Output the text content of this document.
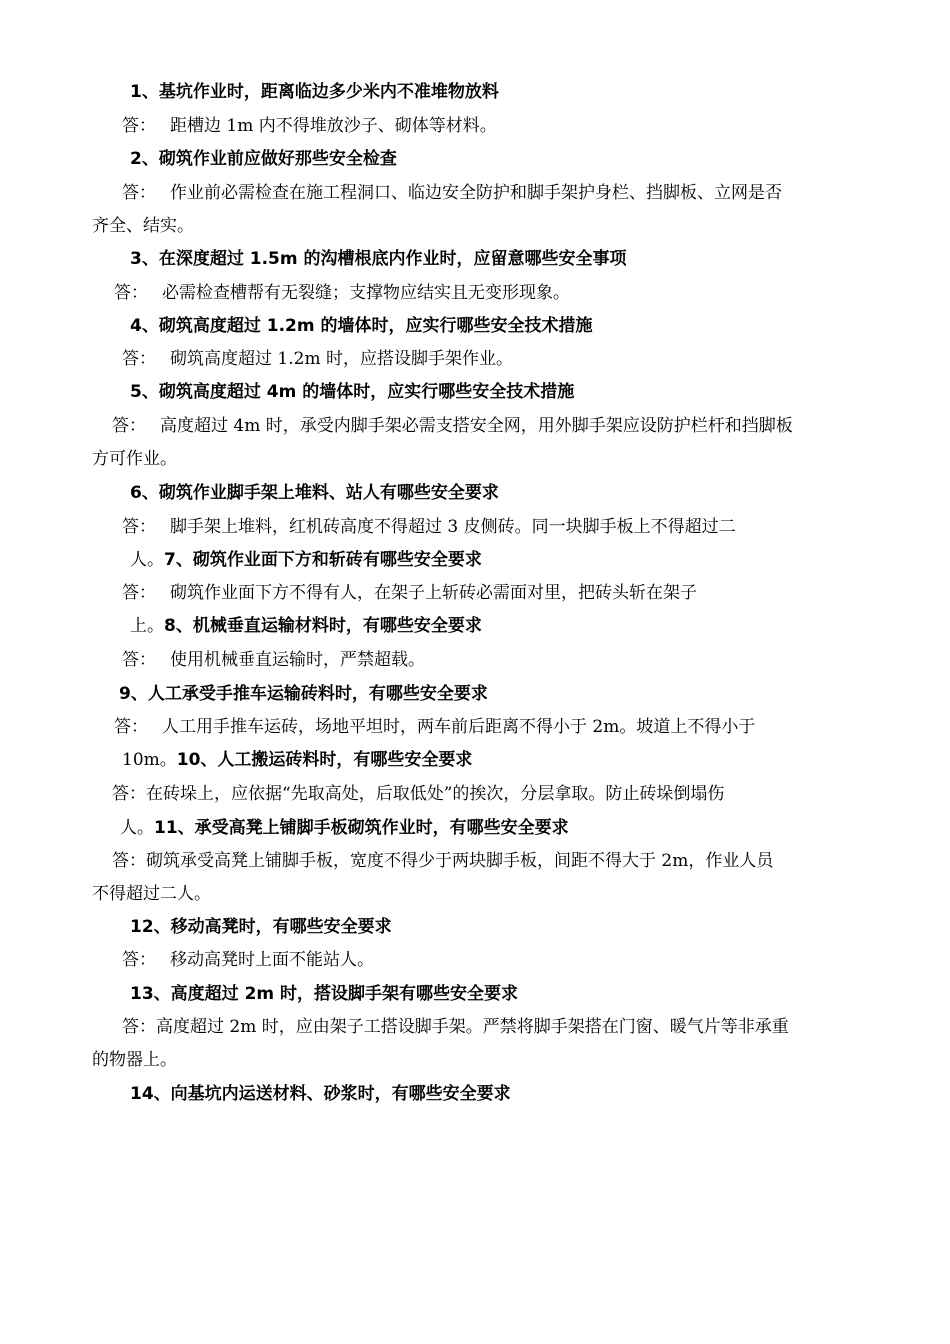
1、基坑作业时，距离临边多少米内不准堆物放料
答： 距槽边 1m 内不得堆放沙子、砌体等材料。
2、砌筑作业前应做好那些安全检查
答： 作业前必需检查在施工程洞口、临边安全防护和脚手架护身栏、挡脚板、立网是否
齐全、结实。
3、在深度超过 1.5m 的沟槽根底内作业时，应留意哪些安全事项
答： 必需检查槽帮有无裂缝；支撑物应结实且无变形现象。
4、砌筑高度超过 1.2m 的墙体时，应实行哪些安全技术措施
答： 砌筑高度超过 1.2m 时，应搭设脚手架作业。
5、砌筑高度超过 4m 的墙体时，应实行哪些安全技术措施
答： 高度超过 4m 时，承受内脚手架必需支搭安全网，用外脚手架应设防护栏杆和挡脚板
方可作业。
6、砌筑作业脚手架上堆料、站人有哪些安全要求
答： 脚手架上堆料，红机砖高度不得超过 3 皮侧砖。同一块脚手板上不得超过二
人。7、砌筑作业面下方和斩砖有哪些安全要求
答： 砌筑作业面下方不得有人，在架子上斩砖必需面对里，把砖头斩在架子
上。8、机械垂直运输材料时，有哪些安全要求
答： 使用机械垂直运输时，严禁超载。
9、人工承受手推车运输砖料时，有哪些安全要求
答： 人工用手推车运砖，场地平坦时，两车前后距离不得小于 2m。坡道上不得小于
10m。10、人工搬运砖料时，有哪些安全要求
答：在砖垛上，应依据“先取高处，后取低处”的挨次，分层拿取。防止砖垛倒塌伤
人。11、承受高凳上铺脚手板砌筑作业时，有哪些安全要求
答：砌筑承受高凳上铺脚手板，宽度不得少于两块脚手板，间距不得大于 2m，作业人员
不得超过二人。
12、移动高凳时，有哪些安全要求
答： 移动高凳时上面不能站人。
13、高度超过 2m 时，搭设脚手架有哪些安全要求
答：高度超过 2m 时，应由架子工搭设脚手架。严禁将脚手架搭在门窗、暖气片等非承重
的物器上。
14、向基坑内运送材料、砂浆时，有哪些安全要求
